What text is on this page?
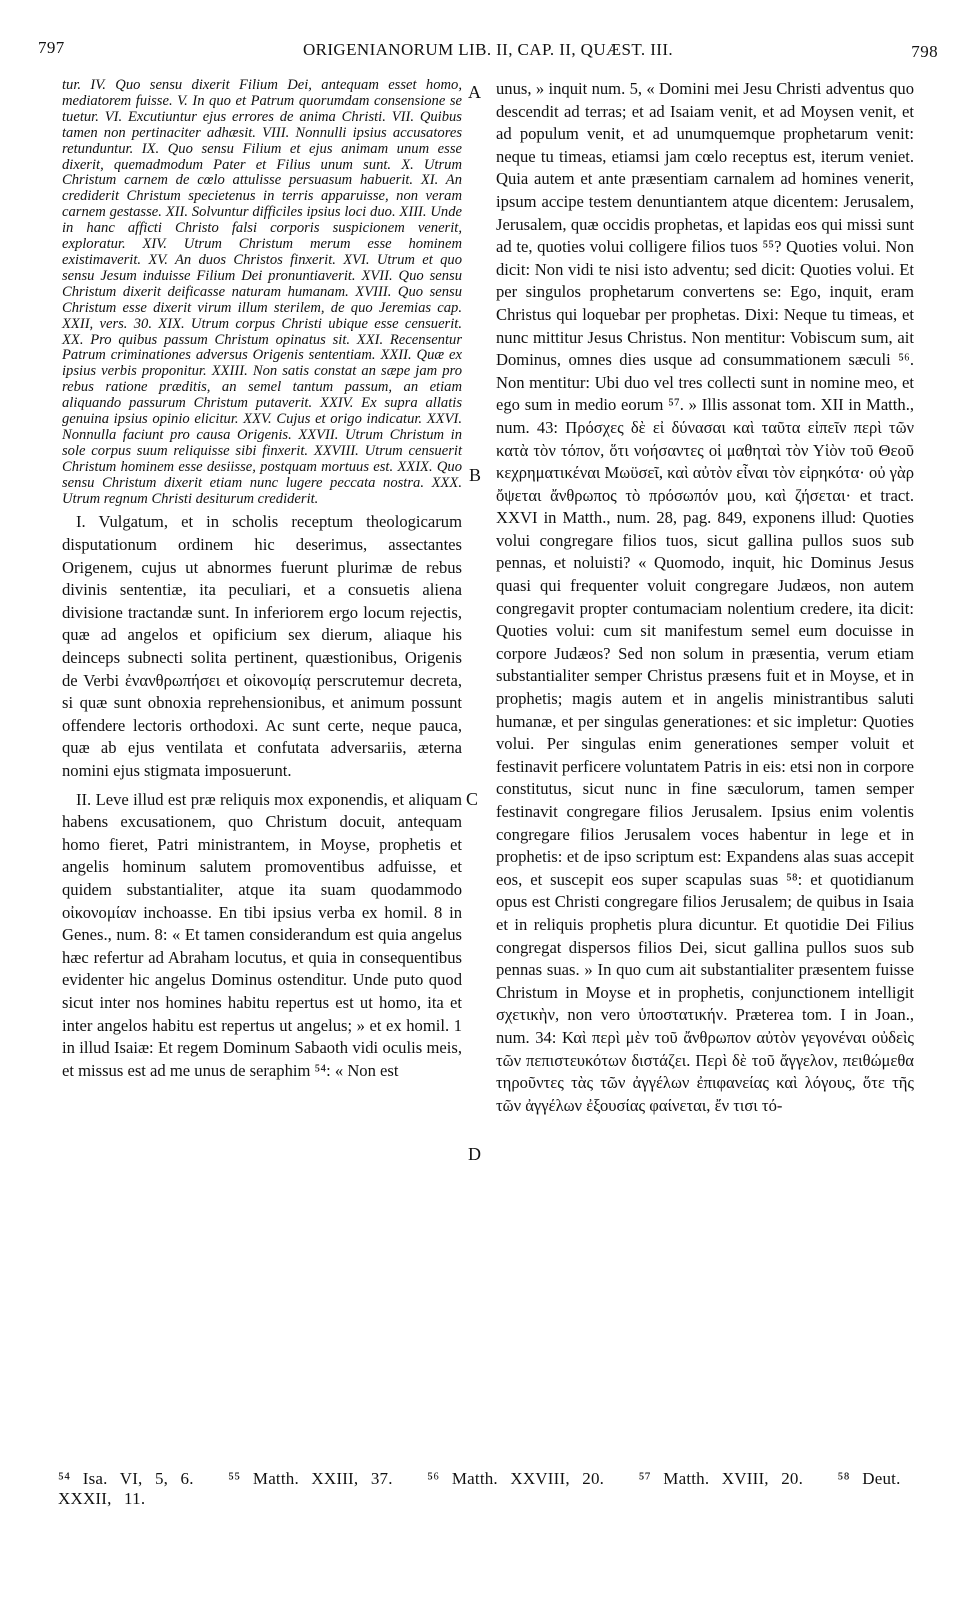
797	ORIGENIANORUM LIB. II, CAP. II, QUÆST. III.	798

tur. IV. Quo sensu dixerit Filium Dei, antequam esset homo, mediatorem fuisse. V. In quo et Patrum quorumdam consensione se tuetur. VI. Excutiuntur ejus errores de anima Christi. VII. Quibus tamen non pertinaciter adhæsit. VIII. Nonnulli ipsius accusatores retunduntur. IX. Quo sensu Filium et ejus animam unum esse dixerit, quemadmodum Pater et Filius unum sunt. X. Utrum Christum carnem de cœlo attulisse persuasum habuerit. XI. An crediderit Christum specietenus in terris apparuisse, non veram carnem gestasse. XII. Solvuntur difficiles ipsius loci duo. XIII. Unde in hanc afficti Christo falsi corporis suspicionem venerit, exploratur. XIV. Utrum Christum merum esse hominem existimaverit. XV. An duos Christos finxerit. XVI. Utrum et quo sensu Jesum induisse Filium Dei pronuntiaverit. XVII. Quo sensu Christum dixerit deificasse naturam humanam. XVIII. Quo sensu Christum esse dixerit virum illum sterilem, de quo Jeremias cap. XXII, vers. 30. XIX. Utrum corpus Christi ubique esse censuerit. XX. Pro quibus passum Christum opinatus sit. XXI. Recensentur Patrum criminationes adversus Origenis sententiam. XXII. Quæ ex ipsius verbis proponitur. XXIII. Non satis constat an sæpe jam pro rebus ratione præditis, an semel tantum passum, an etiam aliquando passurum Christum putaverit. XXIV. Ex supra allatis genuina ipsius opinio elicitur. XXV. Cujus et origo indicatur. XXVI. Nonnulla faciunt pro causa Origenis. XXVII. Utrum Christum in sole corpus suum reliquisse sibi finxerit. XXVIII. Utrum censuerit Christum hominem esse desiisse, postquam mortuus est. XXIX. Quo sensu Christum dixerit etiam nunc lugere peccata nostra. XXX. Utrum regnum Christi desiturum crediderit.

I. Vulgatum, et in scholis receptum theologicarum disputationum ordinem hic deserimus, assectantes Origenem, cujus ut abnormes fuerunt plurimæ de rebus divinis sententiæ, ita peculiari, et a consuetis aliena divisione tractandæ sunt. In inferiorem ergo locum rejectis, quæ ad angelos et opificium sex dierum, aliaque his deinceps subnecti solita pertinent, quæstionibus, Origenis de Verbi ἐνανθρωπήσει et οἰκονομίᾳ perscrutemur decreta, si quæ sunt obnoxia reprehensionibus, et animum possunt offendere lectoris orthodoxi. Ac sunt certe, neque pauca, quæ ab ejus ventilata et confutata adversariis, æterna nomini ejus stigmata imposuerunt.

II. Leve illud est præ reliquis mox exponendis, et aliquam habens excusationem, quo Christum docuit, antequam homo fieret, Patri ministrantem, in Moyse, prophetis et angelis hominum salutem promoventibus adfuisse, et quidem substantialiter, atque ita suam quodammodo οἰκονομίαν inchoasse. En tibi ipsius verba ex homil. 8 in Genes., num. 8: « Et tamen considerandum est quia angelus hæc refertur ad Abraham locutus, et quia in consequentibus evidenter hic angelus Dominus ostenditur. Unde puto quod sicut inter nos homines habitu repertus est ut homo, ita et inter angelos habitu est repertus ut angelus; » et ex homil. 1 in illud Isaiæ: Et regem Dominum Sabaoth vidi oculis meis, et missus est ad me unus de seraphim ⁵⁴: « Non est

A
B
C
D

unus, » inquit num. 5, « Domini mei Jesu Christi adventus quo descendit ad terras; et ad Isaiam venit, et ad Moysen venit, et ad populum venit, et ad unumquemque prophetarum venit: neque tu timeas, etiamsi jam cœlo receptus est, iterum veniet. Quia autem et ante præsentiam carnalem ad homines venerit, ipsum accipe testem denuntiantem atque dicentem: Jerusalem, Jerusalem, quæ occidis prophetas, et lapidas eos qui missi sunt ad te, quoties volui colligere filios tuos ⁵⁵? Quoties volui. Non dicit: Non vidi te nisi isto adventu; sed dicit: Quoties volui. Et per singulos prophetarum convertens se: Ego, inquit, eram Christus qui loquebar per prophetas. Dixi: Neque tu timeas, et nunc mittitur Jesus Christus. Non mentitur: Vobiscum sum, ait Dominus, omnes dies usque ad consummationem sæculi ⁵⁶. Non mentitur: Ubi duo vel tres collecti sunt in nomine meo, et ego sum in medio eorum ⁵⁷. » Illis assonat tom. XII in Matth., num. 43: Πρόσχες δὲ εἰ δύνασαι καὶ ταῦτα εἰπεῖν περὶ τῶν κατὰ τὸν τόπον, ὅτι νοήσαντες οἱ μαθηταὶ τὸν Υἱὸν τοῦ Θεοῦ κεχρηματικέναι Μωϋσεῖ, καὶ αὐτὸν εἶναι τὸν εἰρηκότα· οὐ γὰρ ὄψεται ἄνθρωπος τὸ πρόσωπόν μου, καὶ ζήσεται· et tract. XXVI in Matth., num. 28, pag. 849, exponens illud: Quoties volui congregare filios tuos, sicut gallina pullos suos sub pennas, et noluisti? « Quomodo, inquit, hic Dominus Jesus quasi qui frequenter voluit congregare Judæos, non autem congregavit propter contumaciam nolentium credere, ita dicit: Quoties volui: cum sit manifestum semel eum docuisse in corpore Judæos? Sed non solum in præsentia, verum etiam substantialiter semper Christus præsens fuit et in Moyse, et in prophetis; magis autem et in angelis ministrantibus saluti humanæ, et per singulas generationes: et sic impletur: Quoties volui. Per singulas enim generationes semper voluit et festinavit perficere voluntatem Patris in eis: etsi non in corpore constitutus, sicut nunc in fine sæculorum, tamen semper festinavit congregare filios Jerusalem. Ipsius enim volentis congregare filios Jerusalem voces habentur in lege et in prophetis: et de ipso scriptum est: Expandens alas suas accepit eos, et suscepit eos super scapulas suas ⁵⁸: et quotidianum opus est Christi congregare filios Jerusalem; de quibus in Isaia et in reliquis prophetis plura dicuntur. Et quotidie Dei Filius congregat dispersos filios Dei, sicut gallina pullos suos sub pennas suas. » In quo cum ait substantialiter præsentem fuisse Christum in Moyse et in prophetis, conjunctionem intelligit σχετικὴν, non vero ὑποστατικήν. Præterea tom. I in Joan., num. 34: Καὶ περὶ μὲν τοῦ ἄνθρωπον αὐτὸν γεγονέναι οὐδεὶς τῶν πεπιστευκότων διστάζει. Περὶ δὲ τοῦ ἄγγελον, πειθώμεθα τηροῦντες τὰς τῶν ἀγγέλων ἐπιφανείας καὶ λόγους, ὅτε τῆς τῶν ἀγγέλων ἐξουσίας φαίνεται, ἔν τισι τό-

⁵⁴ Isa. VI, 5, 6. ⁵⁵ Matth. XXIII, 37. ⁵⁶ Matth. XXVIII, 20. ⁵⁷ Matth. XVIII, 20. ⁵⁸ Deut. XXXII, 11.
